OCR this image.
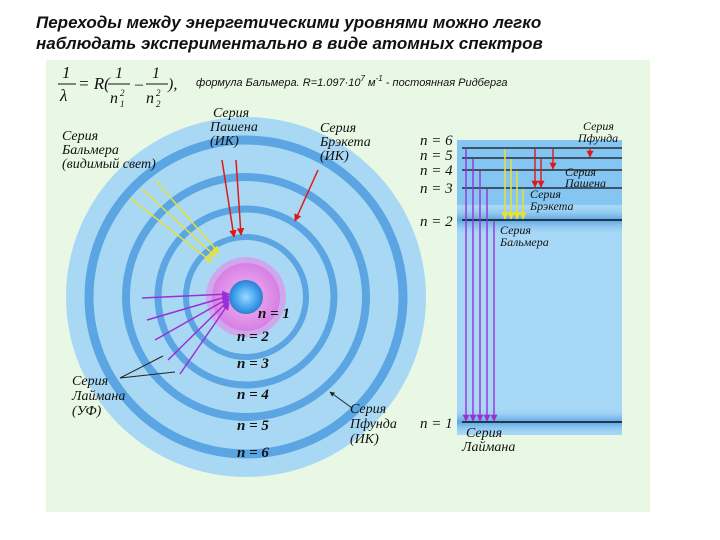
Переходы между энергетическими уровнями можно легко
наблюдать экспериментально в виде атомных спектров
1
λ
= R(
1
n 2
1
–
1
n 2
2
), формула Бальмера. $R=1.097\cdot 10^7$ $м^{-1}$ - постоянная Ридберга
n = 1
n = 2
n = 3
n = 4
n = 5
n = 6
Серия Пашена (ИК)
Серия Брэкета (ИК)
Серия Бальмера (видимый свет)
Серия Лаймана (УФ)	Серия Пфунда (ИК)
n = 6
n = 5
n = 4
n = 3
n = 2
n = 1
Серия Пфунда
Серия Пашена
Серия Брэкета
Серия Бальмера
Серия Лаймана
